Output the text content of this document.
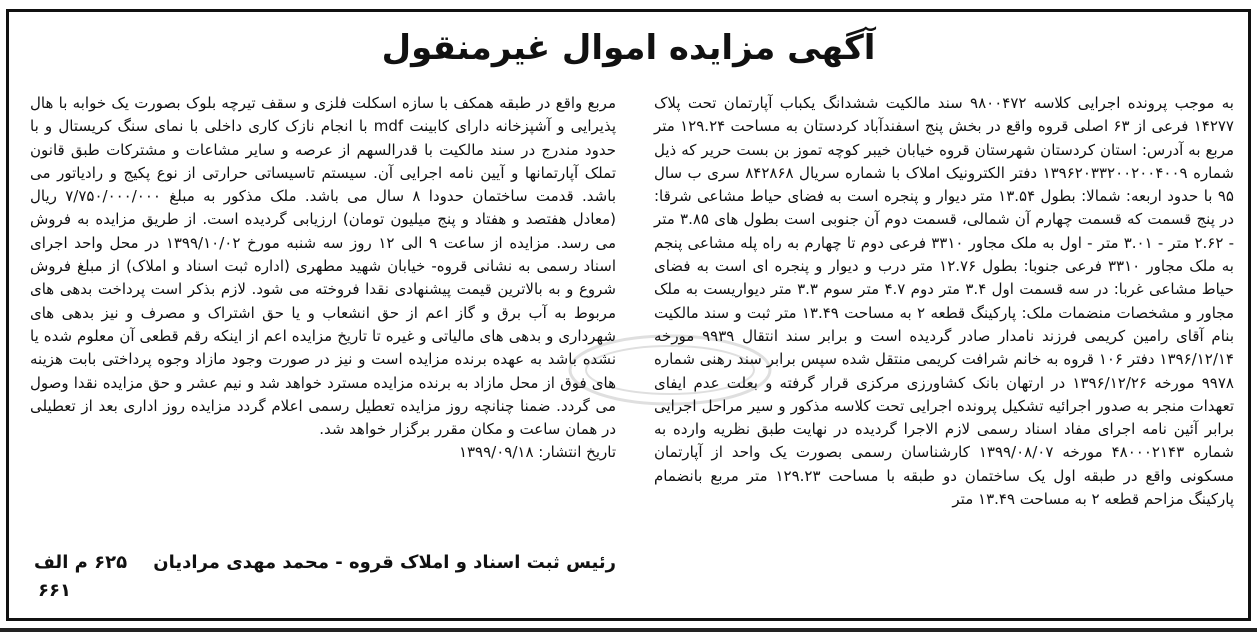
آگهی مزایده اموال غیرمنقول

به موجب پرونده اجرایی کلاسه ۹۸۰۰۴۷۲ سند مالکیت ششدانگ یکباب آپارتمان تحت پلاک ۱۴۲۷۷ فرعی از ۶۳ اصلی قروه واقع در بخش پنج اسفندآباد کردستان به مساحت ۱۲۹.۲۴ متر مربع به آدرس: استان کردستان شهرستان قروه خیابان خیبر کوچه تموز بن بست حریر که ذیل شماره ۱۳۹۶۲۰۳۳۲۰۰۲۰۰۴۰۰۹ دفتر الکترونیک املاک با شماره سریال ۸۴۲۸۶۸ سری ب سال ۹۵ با حدود اربعه: شمالا: بطول ۱۳.۵۴ متر دیوار و پنجره است به فضای حیاط مشاعی شرقا: در پنج قسمت که قسمت چهارم آن شمالی، قسمت دوم آن جنوبی است بطول های ۳.۸۵ متر - ۲.۶۲ متر - ۳.۰۱ متر - اول به ملک مجاور ۳۳۱۰ فرعی دوم تا چهارم به راه پله مشاعی پنجم به ملک مجاور ۳۳۱۰ فرعی جنوبا: بطول ۱۲.۷۶ متر درب و دیوار و پنجره ای است به فضای حیاط مشاعی غربا: در سه قسمت اول ۳.۴ متر دوم ۴.۷ متر سوم ۳.۳ متر دیواریست به ملک مجاور و مشخصات منضمات ملک: پارکینگ قطعه ۲ به مساحت ۱۳.۴۹ متر ثبت و سند مالکیت بنام آقای رامین کریمی فرزند نامدار صادر گردیده است و برابر سند انتقال ۹۹۳۹ مورخه ۱۳۹۶/۱۲/۱۴ دفتر ۱۰۶ قروه به خانم شرافت کریمی منتقل شده سپس برابر سند رهنی شماره ۹۹۷۸ مورخه ۱۳۹۶/۱۲/۲۶ در ارتهان بانک کشاورزی مرکزی قرار گرفته و بعلت عدم ایفای تعهدات منجر به صدور اجرائیه تشکیل پرونده اجرایی تحت کلاسه مذکور و سیر مراحل اجرایی برابر آئین نامه اجرای مفاد اسناد رسمی لازم الاجرا گردیده در نهایت طبق نظریه وارده به شماره ۴۸۰۰۰۲۱۴۳ مورخه ۱۳۹۹/۰۸/۰۷ کارشناسان رسمی بصورت یک واحد از آپارتمان مسکونی واقع در طبقه اول یک ساختمان دو طبقه با مساحت ۱۲۹.۲۳ متر مربع بانضمام پارکینگ مزاحم قطعه ۲ به مساحت ۱۳.۴۹ متر

مربع واقع در طبقه همکف با سازه اسکلت فلزی و سقف تیرچه بلوک بصورت یک خوابه با هال پذیرایی و آشپزخانه دارای کابینت mdf با انجام نازک کاری داخلی با نمای سنگ کریستال و با حدود مندرج در سند مالکیت با قدرالسهم از عرصه و سایر مشاعات و مشترکات طبق قانون تملک آپارتمانها و آیین نامه اجرایی آن. سیستم تاسیساتی حرارتی از نوع پکیج و رادیاتور می باشد. قدمت ساختمان حدودا ۸ سال می باشد. ملک مذکور به مبلغ ۷/۷۵۰/۰۰۰/۰۰۰ ریال (معادل هفتصد و هفتاد و پنج میلیون تومان) ارزیابی گردیده است. از طریق مزایده به فروش می رسد. مزایده از ساعت ۹ الی ۱۲ روز سه شنبه مورخ ۱۳۹۹/۱۰/۰۲ در محل واحد اجرای اسناد رسمی به نشانی قروه- خیابان شهید مطهری (اداره ثبت اسناد و املاک) از مبلغ فروش شروع و به بالاترین قیمت پیشنهادی نقدا فروخته می شود. لازم بذکر است پرداخت بدهی های مربوط به آب برق و گاز اعم از حق انشعاب و یا حق اشتراک و مصرف و نیز بدهی های شهرداری و بدهی های مالیاتی و غیره تا تاریخ مزایده اعم از اینکه رقم قطعی آن معلوم شده یا نشده باشد به عهده برنده مزایده است و نیز در صورت وجود مازاد وجوه پرداختی بابت هزینه های فوق از محل مازاد به برنده مزایده مسترد خواهد شد و نیم عشر و حق مزایده نقدا وصول می گردد. ضمنا چنانچه روز مزایده تعطیل رسمی اعلام گردد مزایده روز اداری بعد از تعطیلی در همان ساعت و مکان مقرر برگزار خواهد شد.

تاریخ انتشار: ۱۳۹۹/۰۹/۱۸

رئیس ثبت اسناد و املاک قروه - محمد مهدی مرادیان
۶۲۵ م الف
۶۶۱
